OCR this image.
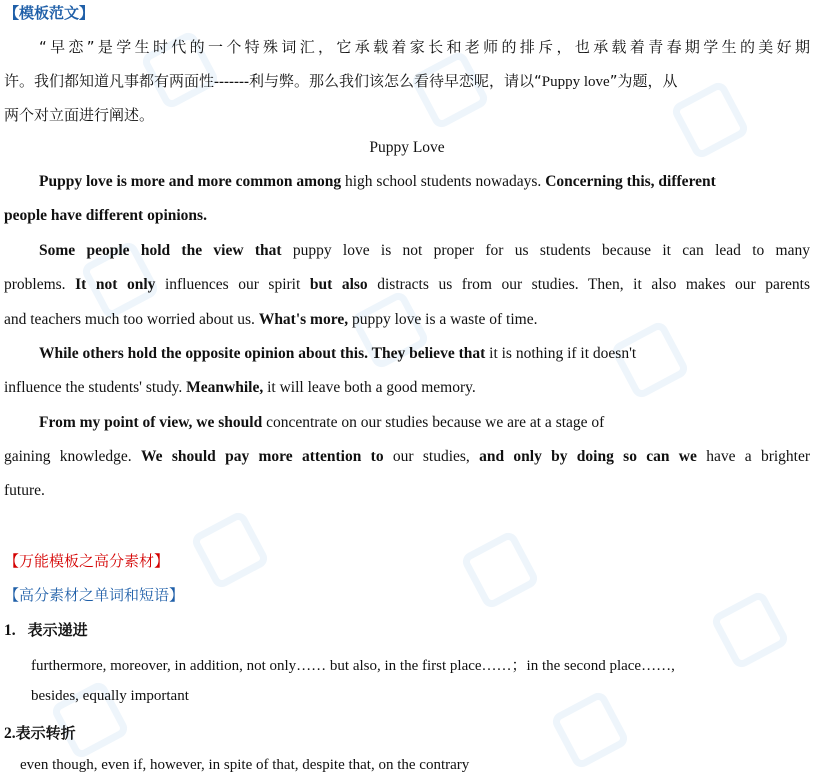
【模板范文】
“早恋”是学生时代的一个特殊词汇，它承载着家长和老师的排斥，也承载着青春期学生的美好期
许。我们都知道凡事都有两面性-------利与弊。那么我们该怎么看待早恋呢，请以“Puppy love”为题，从
两个对立面进行阐述。
Puppy Love
Puppy love is more and more common among high school students nowadays. Concerning this, different
people have different opinions.
Some people hold the view that puppy love is not proper for us students because it can lead to many
problems. It not only influences our spirit but also distracts us from our studies. Then, it also makes our parents
and teachers much too worried about us. What's more, puppy love is a waste of time.
While others hold the opposite opinion about this. They believe that it is nothing if it doesn't
influence the students' study. Meanwhile, it will leave both a good memory.
From my point of view, we should concentrate on our studies because we are at a stage of
gaining knowledge. We should pay more attention to our studies, and only by doing so can we have a brighter
future.
【万能模板之高分素材】
【高分素材之单词和短语】
1. 表示递进
furthermore, moreover, in addition, not only…… but also, in the first place……；in the second place……,
besides, equally important
2.表示转折
even though, even if, however, in spite of that, despite that, on the contrary
